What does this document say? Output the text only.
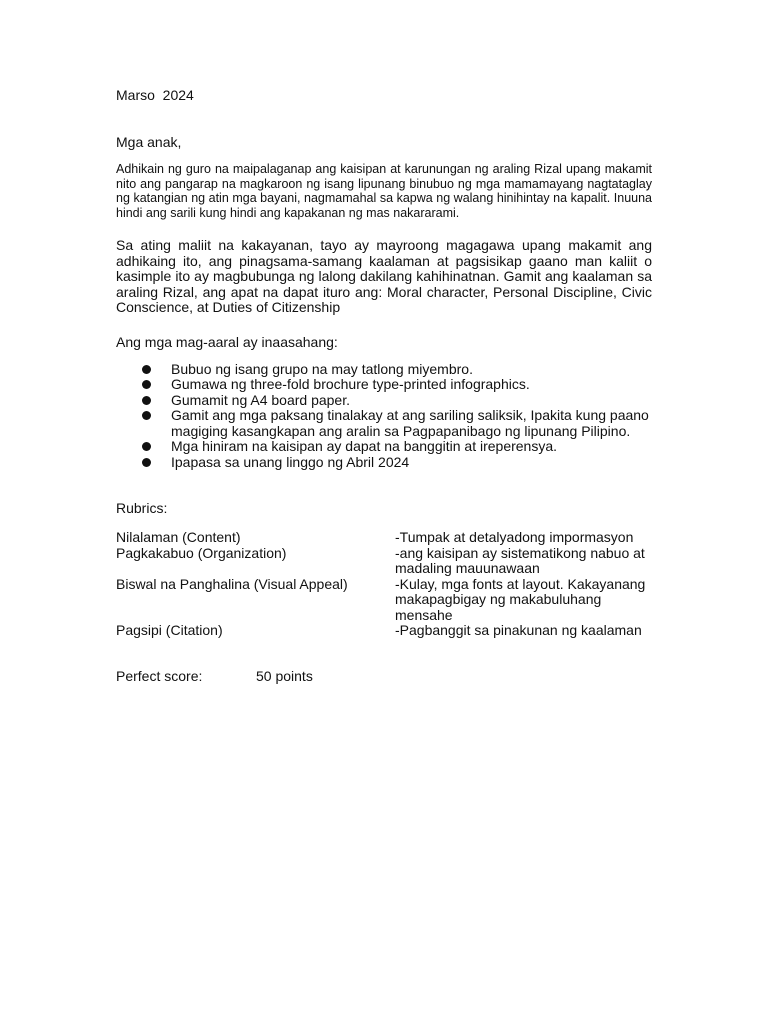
Marso  2024

Mga anak,

Adhikain ng guro na maipalaganap ang kaisipan at karunungan ng araling Rizal upang makamit nito ang pangarap na magkaroon ng isang lipunang binubuo ng mga mamamayang nagtataglay ng katangian ng atin mga bayani, nagmamahal sa kapwa ng walang hinihintay na kapalit. Inuuna hindi ang sarili kung hindi ang kapakanan ng mas nakararami.

Sa ating maliit na kakayanan, tayo ay mayroong magagawa upang makamit ang adhikaing ito, ang pinagsama-samang kaalaman at pagsisikap gaano man kaliit o kasimple ito ay magbubunga ng lalong dakilang kahihinatnan. Gamit ang kaalaman sa araling Rizal, ang apat na dapat ituro ang: Moral character, Personal Discipline, Civic Conscience, at Duties of Citizenship

Ang mga mag-aaral ay inaasahang:

Bubuo ng isang grupo na may tatlong miyembro.
Gumawa ng three-fold brochure type-printed infographics.
Gumamit ng A4 board paper.
Gamit ang mga paksang tinalakay at ang sariling saliksik, Ipakita kung paano magiging kasangkapan ang aralin sa Pagpapanibago ng lipunang Pilipino.
Mga hiniram na kaisipan ay dapat na banggitin at ireperensya.
Ipapasa sa unang linggo ng Abril 2024

Rubrics:

Nilalaman (Content)	-Tumpak at detalyadong impormasyon
Pagkakabuo (Organization)	-ang kaisipan ay sistematikong nabuo at madaling mauunawaan
Biswal na Panghalina (Visual Appeal)	-Kulay, mga fonts at layout. Kakayanang makapagbigay ng makabuluhang mensahe
Pagsipi (Citation)	-Pagbanggit sa pinakunan ng kaalaman
Perfect score:	50 points
